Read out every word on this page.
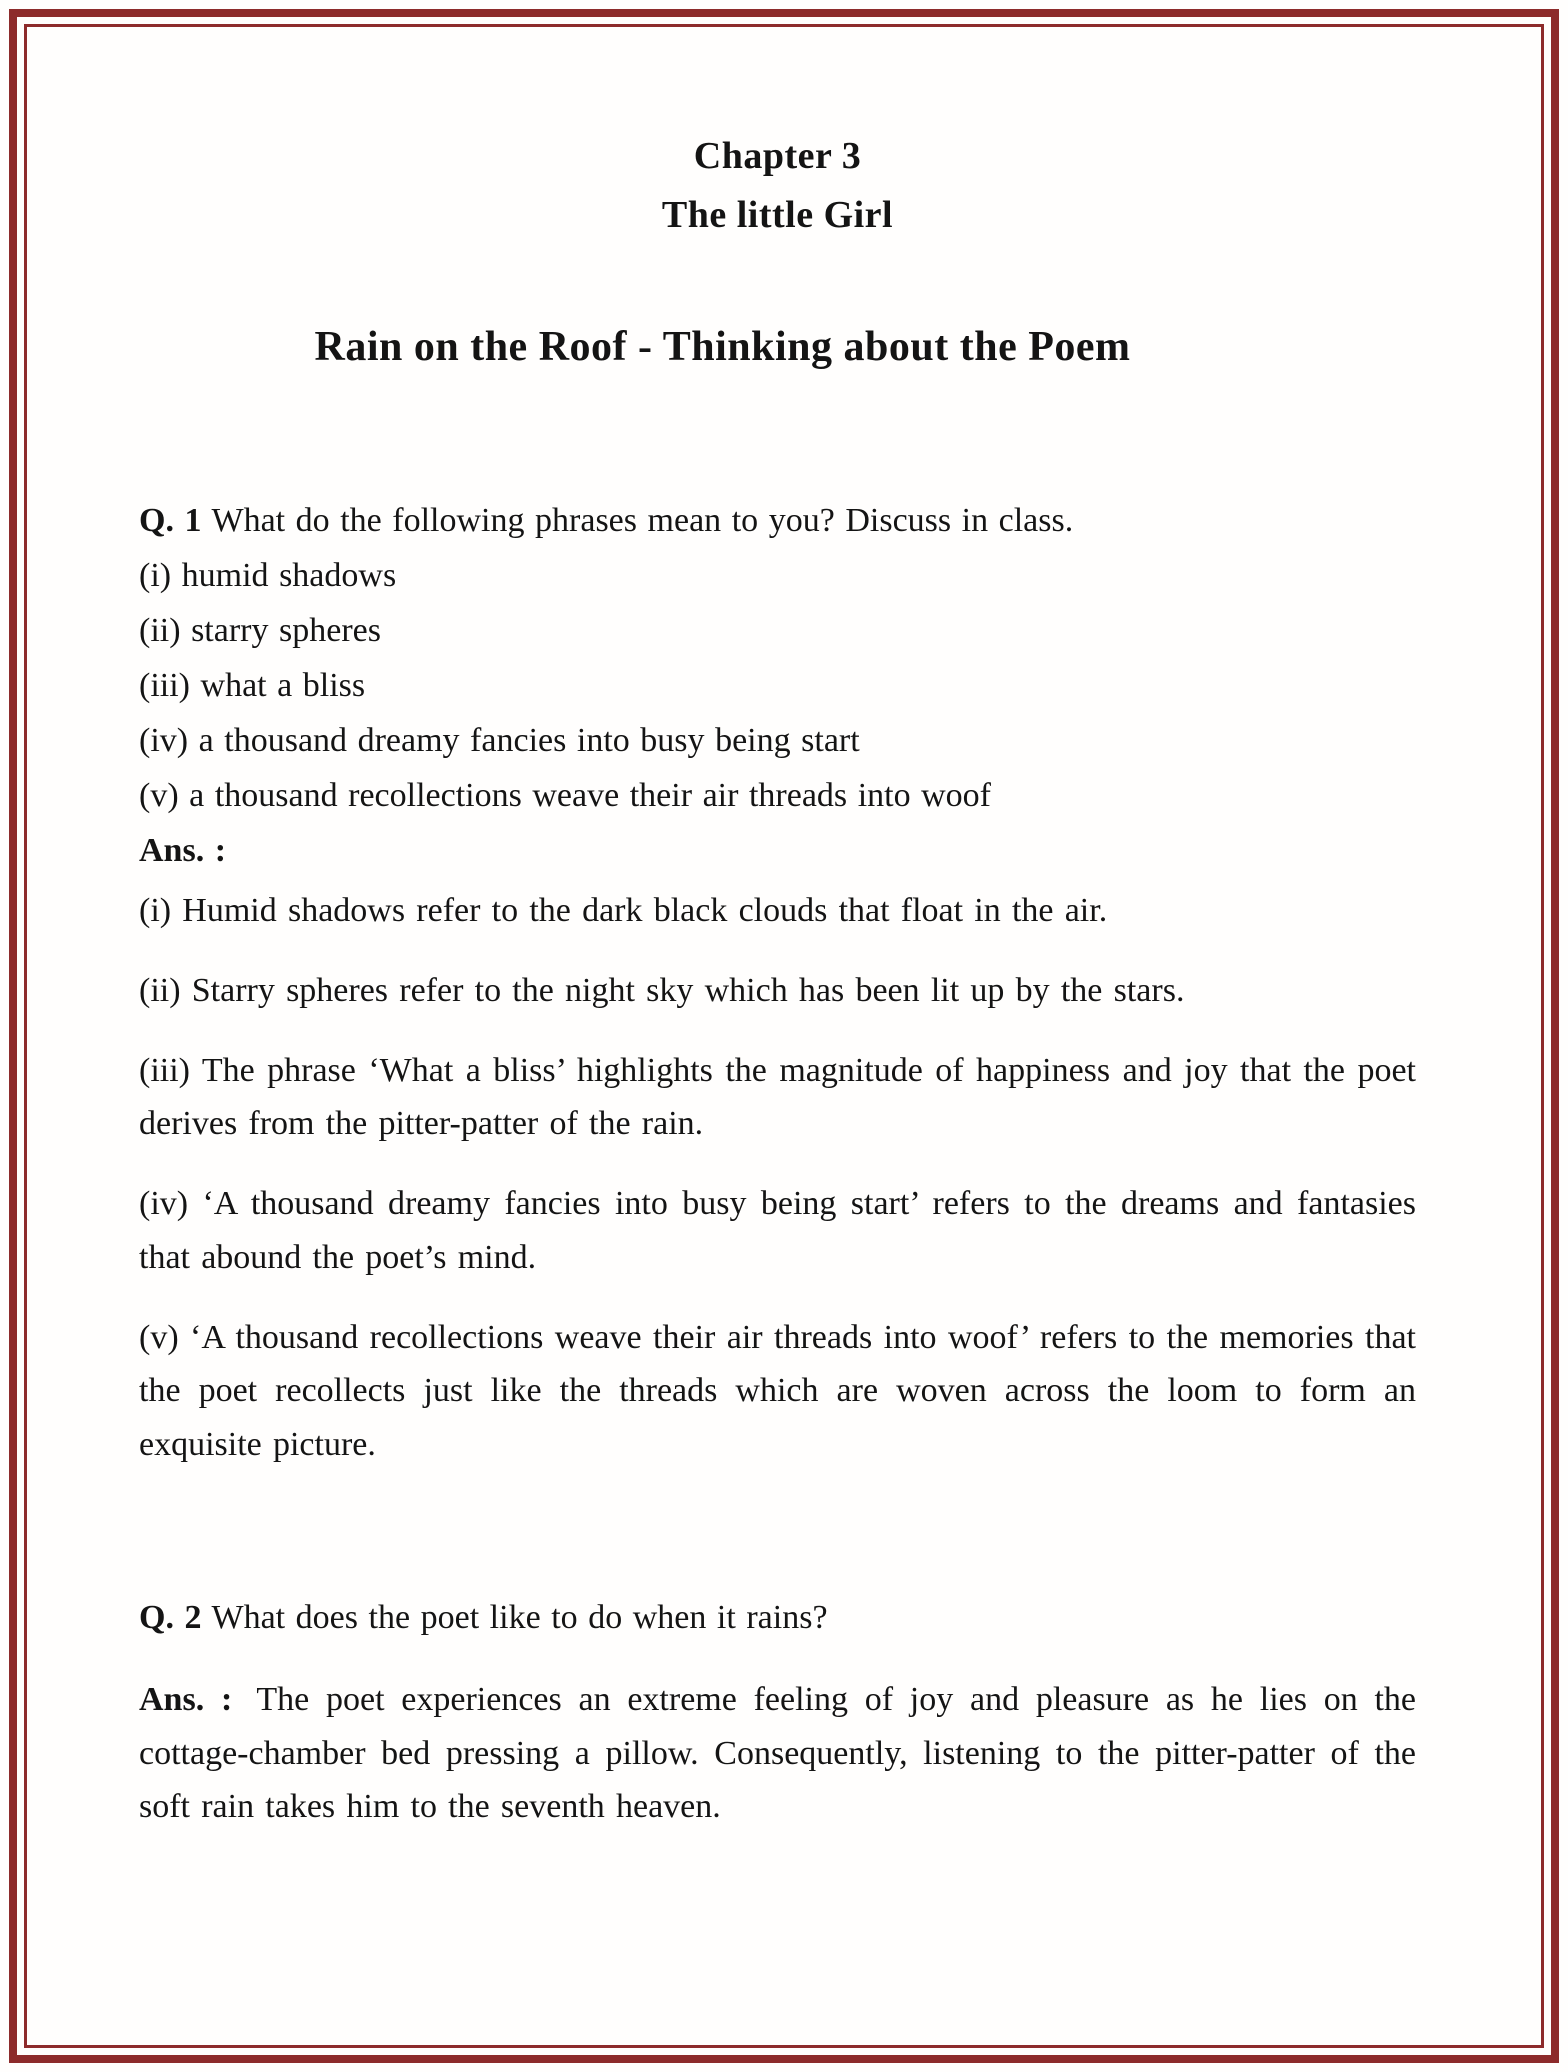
Chapter 3
The little Girl
Rain on the Roof - Thinking about the Poem
Q. 1 What do the following phrases mean to you? Discuss in class.
(i) humid shadows
(ii) starry spheres
(iii) what a bliss
(iv) a thousand dreamy fancies into busy being start
(v) a thousand recollections weave their air threads into woof
Ans. :

(i) Humid shadows refer to the dark black clouds that float in the air.

(ii) Starry spheres refer to the night sky which has been lit up by the stars.

(iii) The phrase ‘What a bliss’ highlights the magnitude of happiness and joy that the poet derives from the pitter-patter of the rain.

(iv) ‘A thousand dreamy fancies into busy being start’ refers to the dreams and fantasies that abound the poet’s mind.

(v) ‘A thousand recollections weave their air threads into woof’ refers to the memories that the poet recollects just like the threads which are woven across the loom to form an exquisite picture.

Q. 2 What does the poet like to do when it rains?

Ans. : The poet experiences an extreme feeling of joy and pleasure as he lies on the cottage-chamber bed pressing a pillow. Consequently, listening to the pitter-patter of the soft rain takes him to the seventh heaven.
